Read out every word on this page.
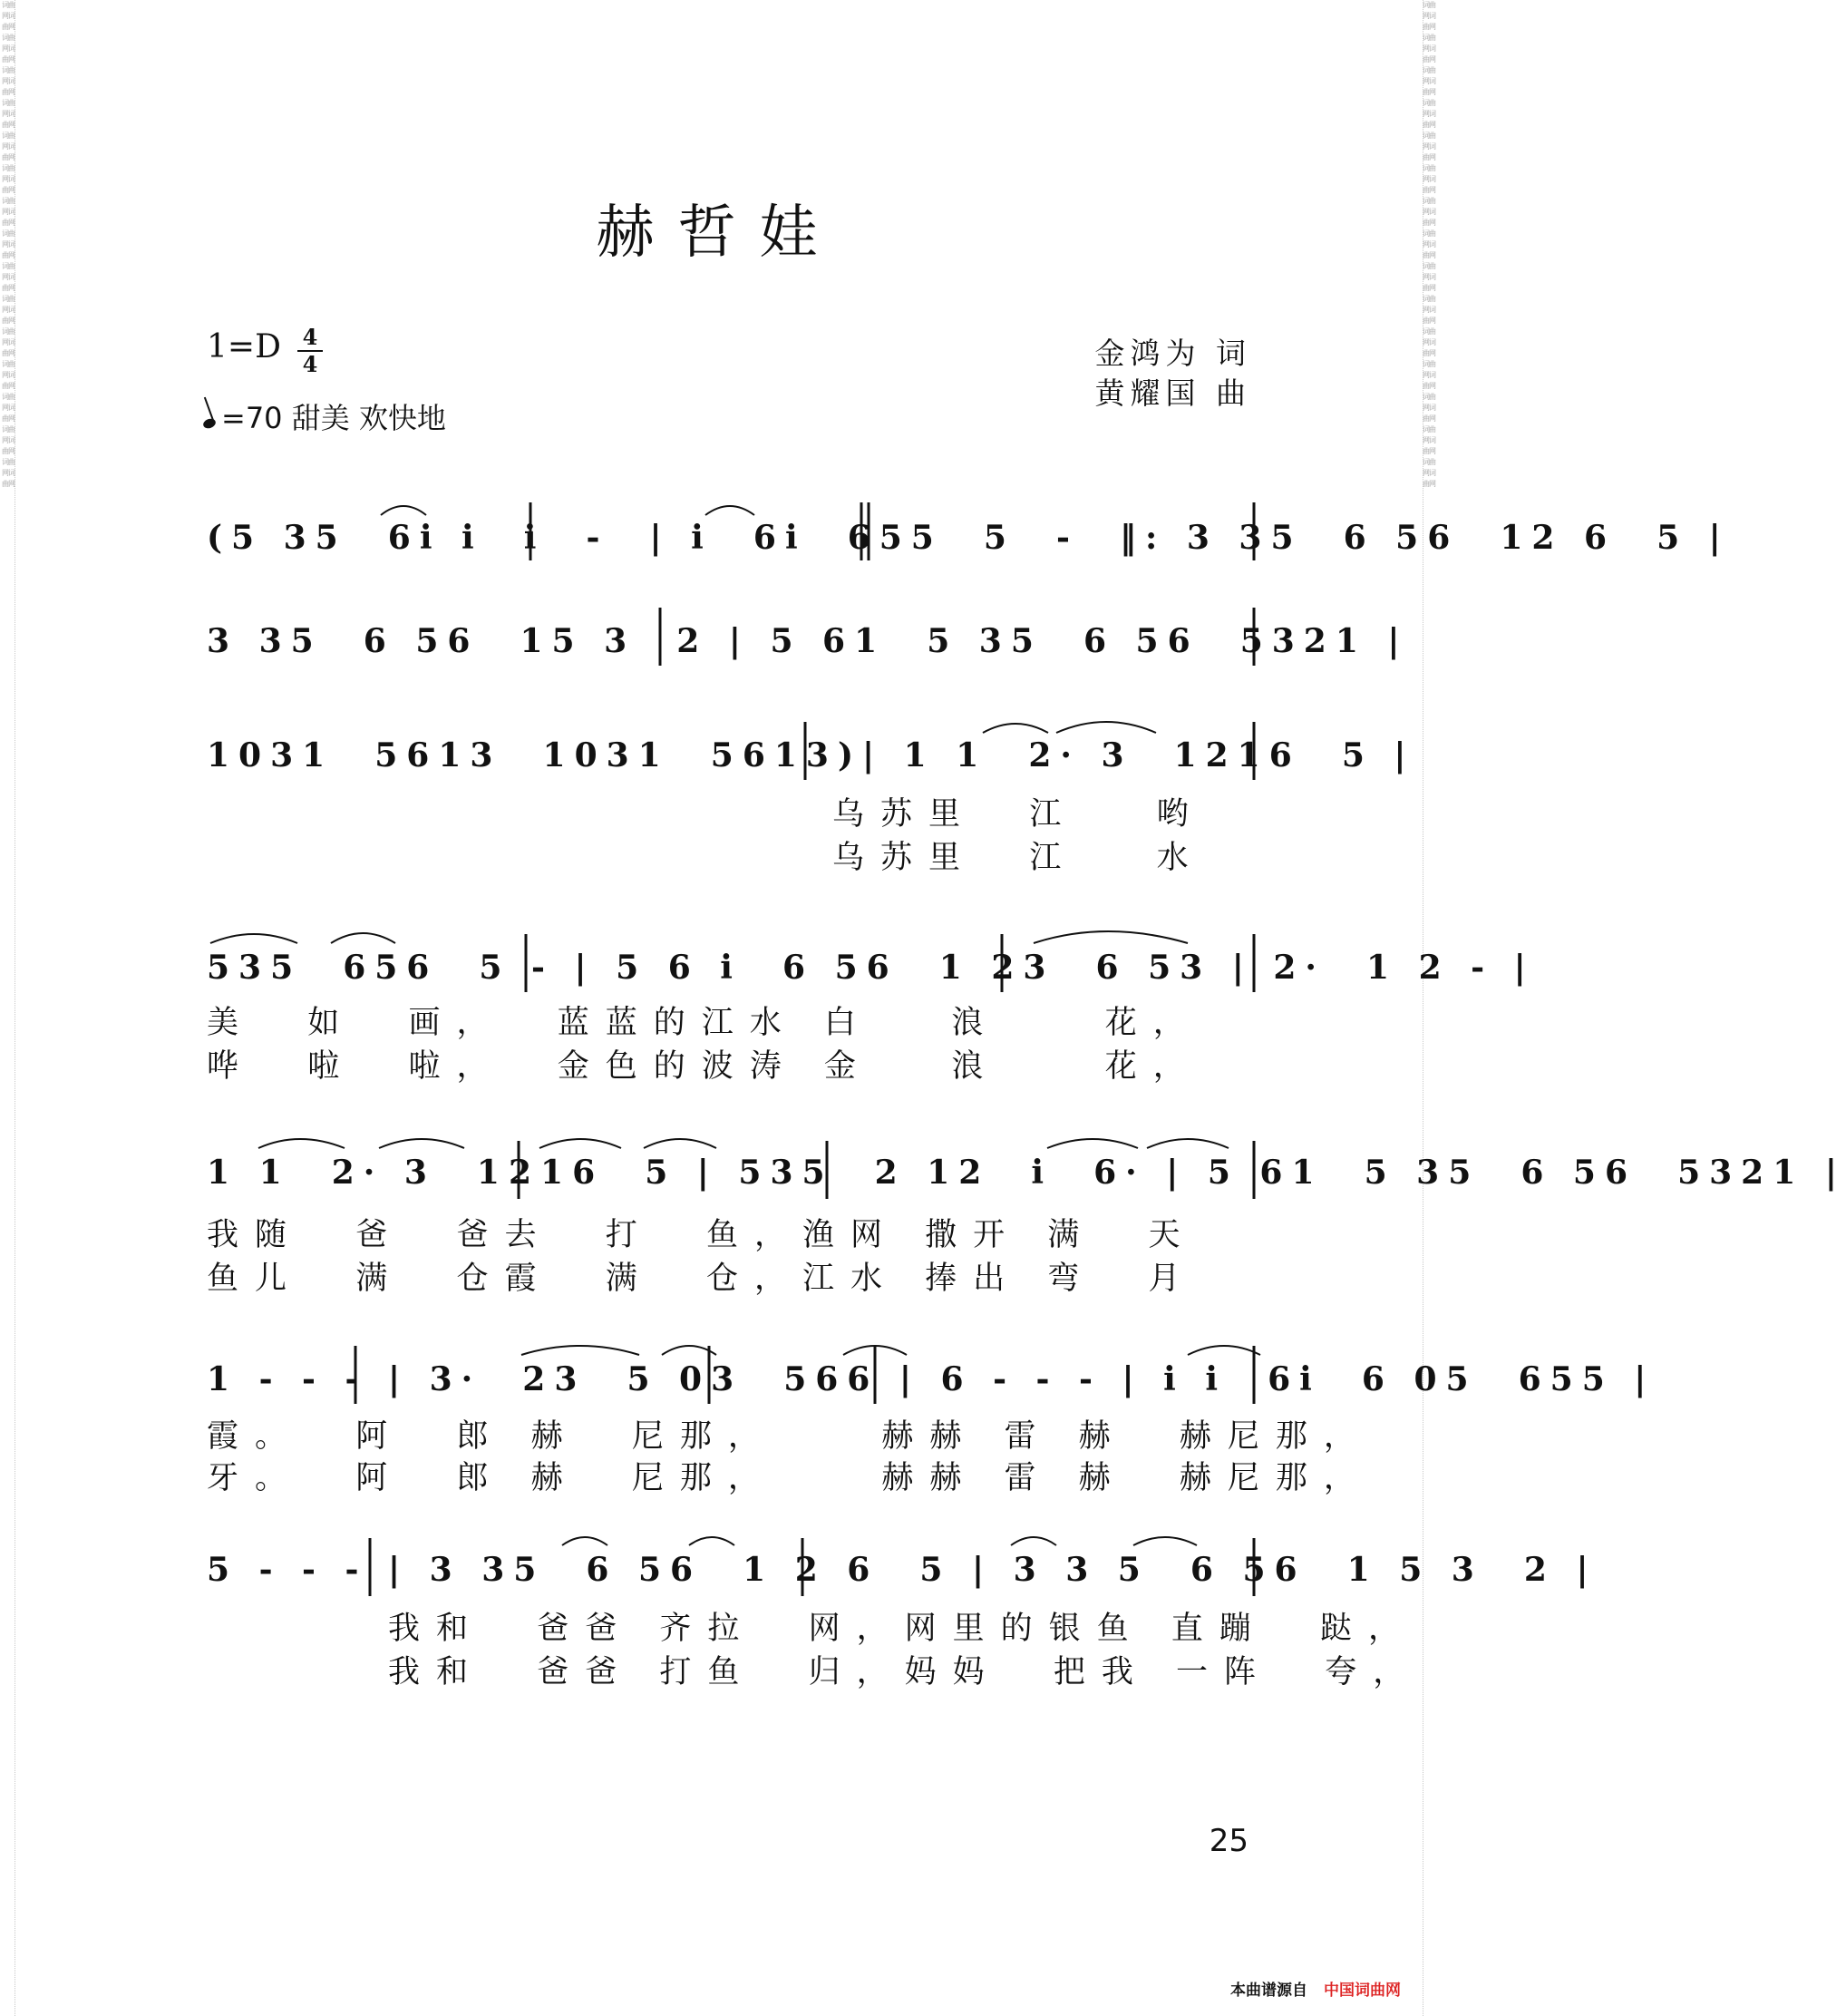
词曲网词曲网词曲网词曲网词曲网词曲网词曲网词曲网词曲网词曲网词曲网词曲网词曲网词曲网词曲网词曲网词曲网词曲网词曲网词曲网词曲网词曲网词曲网词曲网词曲网词曲网词曲网词曲网词曲网词曲网
词曲网词曲网词曲网词曲网词曲网词曲网词曲网词曲网词曲网词曲网词曲网词曲网词曲网词曲网词曲网词曲网词曲网词曲网词曲网词曲网词曲网词曲网词曲网词曲网词曲网词曲网词曲网词曲网词曲网词曲网
赫哲娃
1=D 4
4
=70 甜美 欢快地
金鸿为 词
黄耀国 曲
(5 35  6i i  i  -  | i  6i  655  5  -  ‖: 3 35  6 56  12 6  5 |
3 35  6 56  15 3  2 | 5 61  5 35  6 56  5321 |
1031  5613  1031  5613)| 1 1  2· 3  1216  5 |
乌苏里  江   哟
乌苏里  江   水
535  656  5 - | 5 6 i  6 56  1 23  6 53 | 2·  1 2 - |
美  如  画，  蓝蓝的江水 白   浪    花，
哗  啦  啦，  金色的波涛 金   浪    花，
1 1  2· 3  1216  5 | 535  2 12  i  6· | 5 61  5 35  6 56  5321 |
我随  爸  爸去  打  鱼，渔网 撒开 满  天
鱼儿  满  仓霞  满  仓，江水 捧出 弯  月
1 - - - | 3·  23  5 03  566 | 6 - - - | i i  6i  6 05  655 |
霞。  阿  郎 赫  尼那，    赫赫 雷 赫  赫尼那，
牙。  阿  郎 赫  尼那，    赫赫 雷 赫  赫尼那，
5 - - - | 3 35  6 56  1 2 6  5 | 3 3 5  6 56  1 5 3  2 |
我和  爸爸 齐拉  网，网里的银鱼 直蹦  跶，
我和  爸爸 打鱼  归，妈妈  把我 一阵  夸，
25
本曲谱源自 中国词曲网
